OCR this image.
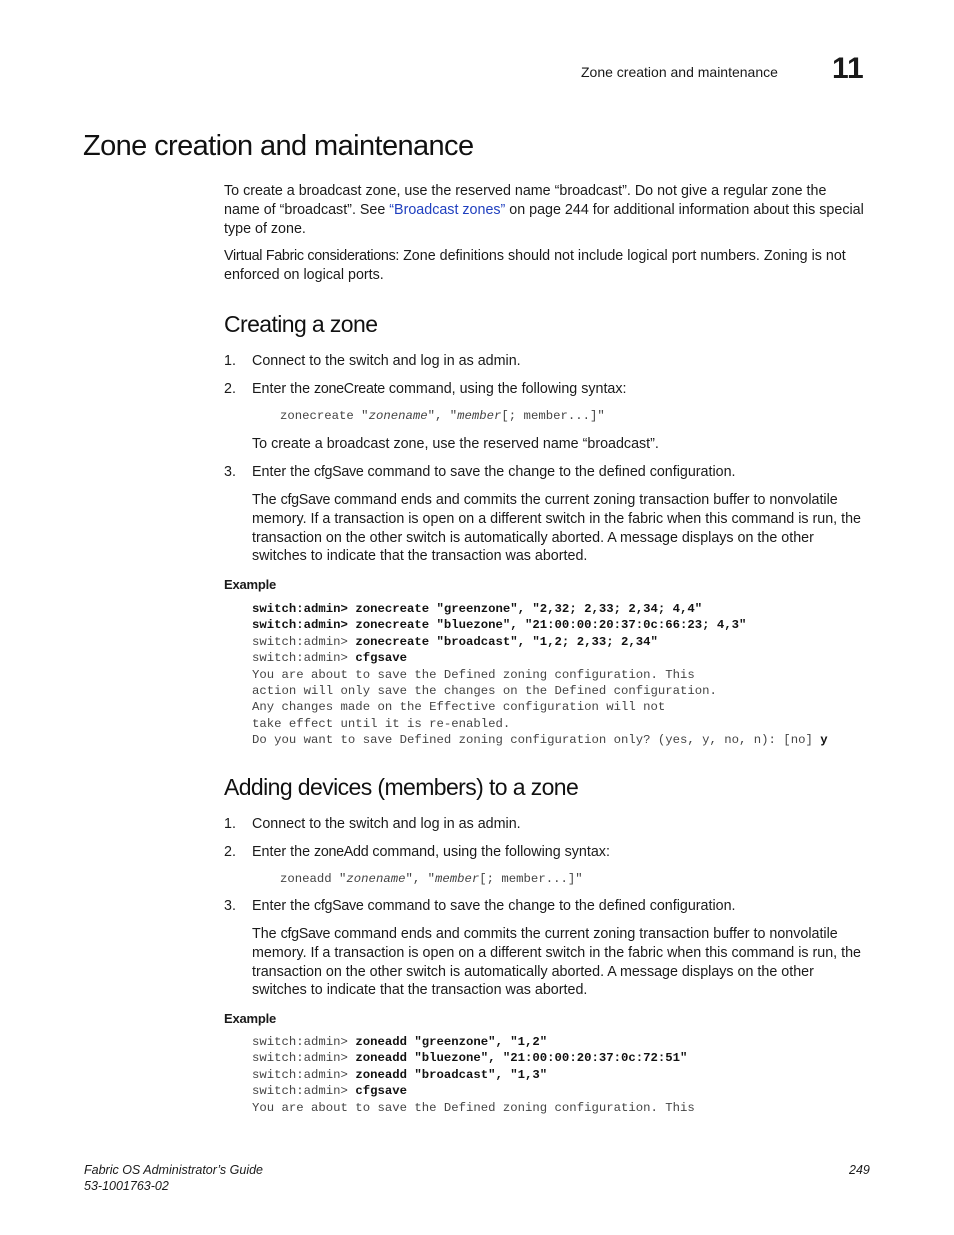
Zone creation and maintenance 11
Zone creation and maintenance
To create a broadcast zone, use the reserved name “broadcast”. Do not give a regular zone the name of “broadcast”. See “Broadcast zones” on page 244 for additional information about this special type of zone.
Virtual Fabric considerations: Zone definitions should not include logical port numbers. Zoning is not enforced on logical ports.
Creating a zone
1. Connect to the switch and log in as admin.
2. Enter the zoneCreate command, using the following syntax:
zonecreate "zonename", "member[; member...]"
To create a broadcast zone, use the reserved name “broadcast”.
3. Enter the cfgSave command to save the change to the defined configuration.
The cfgSave command ends and commits the current zoning transaction buffer to nonvolatile memory. If a transaction is open on a different switch in the fabric when this command is run, the transaction on the other switch is automatically aborted. A message displays on the other switches to indicate that the transaction was aborted.
Example
switch:admin> zonecreate "greenzone", "2,32; 2,33; 2,34; 4,4"
switch:admin> zonecreate "bluezone", "21:00:00:20:37:0c:66:23; 4,3"
switch:admin> zonecreate "broadcast", "1,2; 2,33; 2,34"
switch:admin> cfgsave
You are about to save the Defined zoning configuration. This
action will only save the changes on the Defined configuration.
Any changes made on the Effective configuration will not
take effect until it is re-enabled.
Do you want to save Defined zoning configuration only? (yes, y, no, n): [no] y
Adding devices (members) to a zone
1. Connect to the switch and log in as admin.
2. Enter the zoneAdd command, using the following syntax:
zoneadd "zonename", "member[; member...]"
3. Enter the cfgSave command to save the change to the defined configuration.
The cfgSave command ends and commits the current zoning transaction buffer to nonvolatile memory. If a transaction is open on a different switch in the fabric when this command is run, the transaction on the other switch is automatically aborted. A message displays on the other switches to indicate that the transaction was aborted.
Example
switch:admin> zoneadd "greenzone", "1,2"
switch:admin> zoneadd "bluezone", "21:00:00:20:37:0c:72:51"
switch:admin> zoneadd "broadcast", "1,3"
switch:admin> cfgsave
You are about to save the Defined zoning configuration. This
Fabric OS Administrator’s Guide
53-1001763-02
249
